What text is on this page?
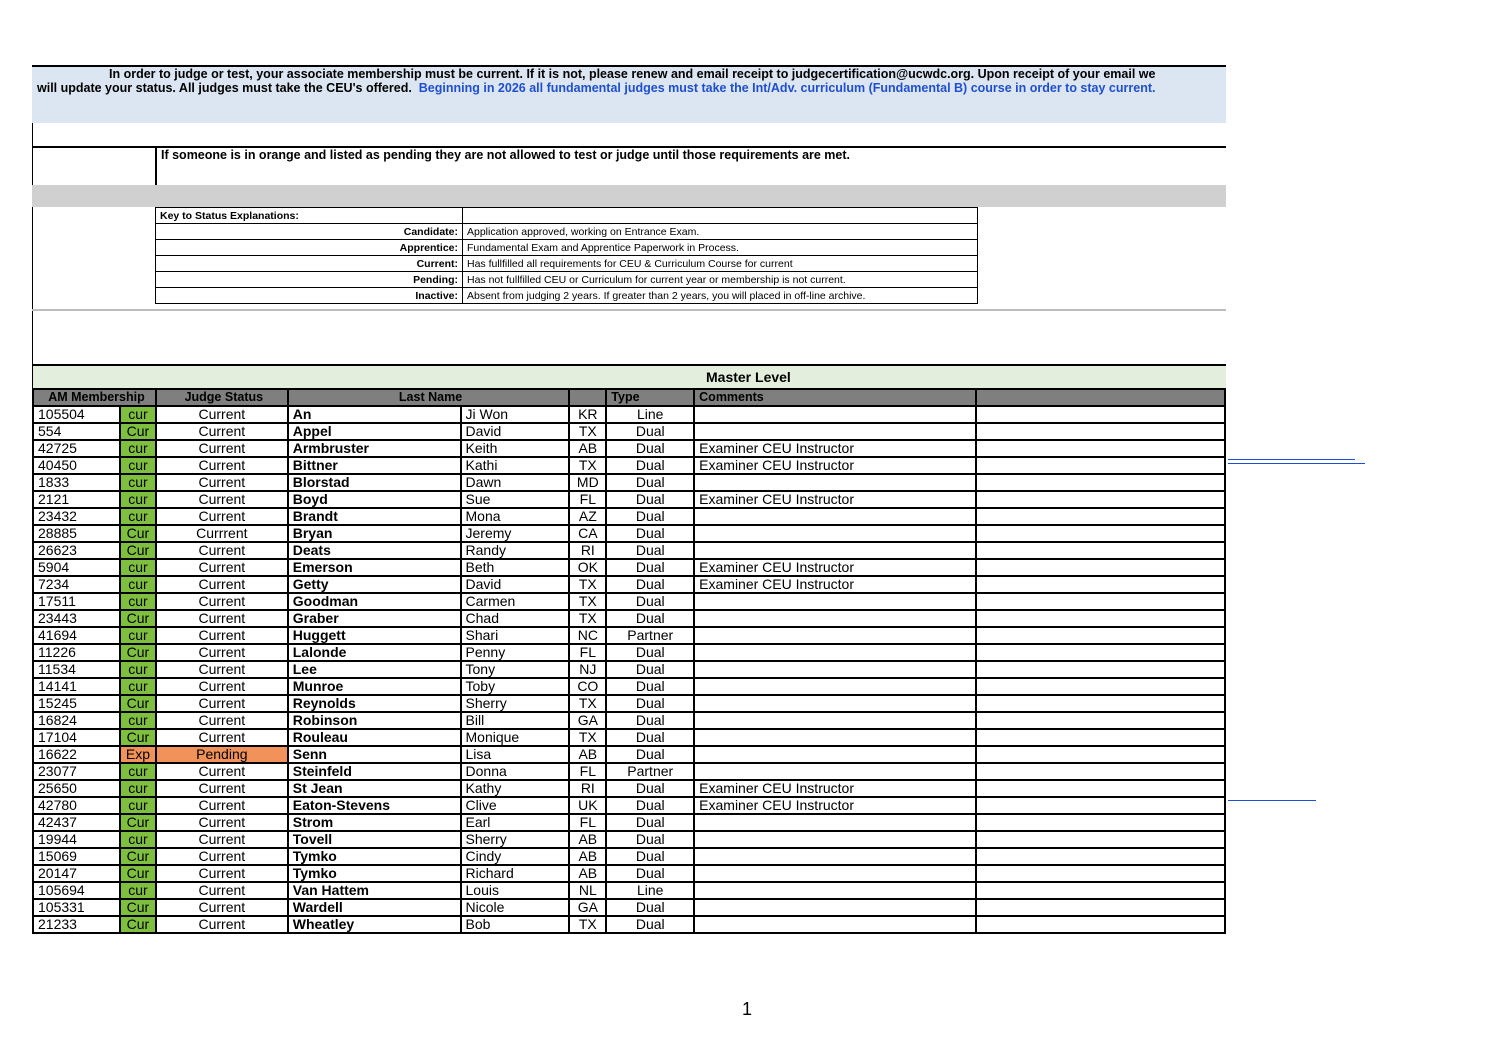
In order to judge or test, your associate membership must be current. If it is not, please renew and email receipt to judgecertification@ucwdc.org. Upon receipt of your email we
will update your status. All judges must take the CEU's offered. Beginning in 2026 all fundamental judges must take the Int/Adv. curriculum (Fundamental B) course in order to stay current.
If someone is in orange and listed as pending they are not allowed to test or judge until those requirements are met.
Key to Status Explanations:	
Candidate:	Application approved, working on Entrance Exam.
Apprentice:	Fundamental Exam and Apprentice Paperwork in Process.
Current:	Has fullfilled all requirements for CEU & Curriculum Course for current
Pending:	Has not fullfilled CEU or Curriculum for current year or membership is not current.
Inactive:	Absent from judging 2 years. If greater than 2 years, you will placed in off-line archive.
Master Level
AM Membership		Judge Status	Last Name			Type	Comments	
105504	cur	Current	An	Ji Won	KR	Line		
554	Cur	Current	Appel	David	TX	Dual		
42725	cur	Current	Armbruster	Keith	AB	Dual	Examiner CEU Instructor	
40450	cur	Current	Bittner	Kathi	TX	Dual	Examiner CEU Instructor	
1833	cur	Current	Blorstad	Dawn	MD	Dual		
2121	cur	Current	Boyd	Sue	FL	Dual	Examiner CEU Instructor	
23432	cur	Current	Brandt	Mona	AZ	Dual		
28885	Cur	Currrent	Bryan	Jeremy	CA	Dual		
26623	Cur	Current	Deats	Randy	RI	Dual		
5904	cur	Current	Emerson	Beth	OK	Dual	Examiner CEU Instructor	
7234	cur	Current	Getty	David	TX	Dual	Examiner CEU Instructor	
17511	cur	Current	Goodman	Carmen	TX	Dual		
23443	Cur	Current	Graber	Chad	TX	Dual		
41694	cur	Current	Huggett	Shari	NC	Partner		
11226	Cur	Current	Lalonde	Penny	FL	Dual		
11534	cur	Current	Lee	Tony	NJ	Dual		
14141	cur	Current	Munroe	Toby	CO	Dual		
15245	Cur	Current	Reynolds	Sherry	TX	Dual		
16824	cur	Current	Robinson	Bill	GA	Dual		
17104	Cur	Current	Rouleau	Monique	TX	Dual		
16622	Exp	Pending	Senn	Lisa	AB	Dual		
23077	cur	Current	Steinfeld	Donna	FL	Partner		
25650	cur	Current	St Jean	Kathy	RI	Dual	Examiner CEU Instructor	
42780	cur	Current	Eaton-Stevens	Clive	UK	Dual	Examiner CEU Instructor	
42437	Cur	Current	Strom	Earl	FL	Dual		
19944	cur	Current	Tovell	Sherry	AB	Dual		
15069	Cur	Current	Tymko	Cindy	AB	Dual		
20147	Cur	Current	Tymko	Richard	AB	Dual		
105694	cur	Current	Van Hattem	Louis	NL	Line		
105331	Cur	Current	Wardell	Nicole	GA	Dual		
21233	Cur	Current	Wheatley	Bob	TX	Dual		
1
